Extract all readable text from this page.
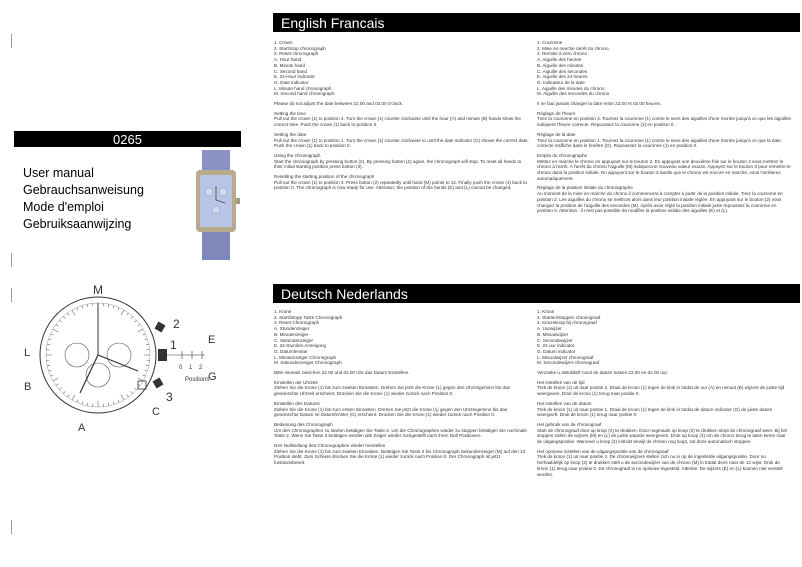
English Francais
0265
User manual
Gebrauchsanweisung
Mode d'emploi
Gebruiksaanwijzing
M
L
B
A
C
E
G
2
1
3
0 1 2
Positions

1. Crown
2. Start/stop chronograph
3. Reset chronograph
A. Hour hand
B. Minute hand
C. Second hand
E. 24-Hour indicator
G. Date indicator
L. Minute hand chronograph
M. Second hand chronograph

Please do not adjust the date between 22.00 and 02.00 o'clock.

Setting the time
Pull out the crown (1) to position 3. Turn the crown (1) counter clockwise until the hour (A) and minute (B) hands show the correct time. Push the crown (1) back to position 0.

Setting the date
Pull out the crown (1) to position 1. Turn the crown (1) counter clockwise to until the date indicator (G) shows the correct date. Push the crown (1) back to position 0.

Using the chronograph
Start the chronograph by pressing button (2). By pressing button (2) again, the chronograph will stop. To reset all hands to their initial starting position press button (3).

Resetting the starting position of the chronograph
Pull out the crown (1) to position 3. Press button (2) repeatedly until hand (M) points to 12. Finally push the crown (1) back to position 0. The chronograph is now ready for use. Attention: the position of the hands (E) and (L) cannot be changed.

1. Couronne
2. Mise en marche /arrêt du chrono.
3. Remise à zéro chrono
A. Aiguille des heures
B. Aiguille des minutes
C. Aiguille des secondes
E. Aiguille des 24 heures
G. Indicateur de la date
L. Aiguille des minutes du chrono
M. Aiguille des secondes du chrono

Il ne faut jamais changer la date entre 22.00 et 02.00 heures.

Réglage de l'heure
Tirez la couronne en position 3. Tournez la couronne (1) contre le sens des aiguilles d'une montre jusqu'à ce que les aiguilles indiquent l'heure correcte. Repoussez la couronne (1) en position 0.

Réglage de la date
Tirez la couronne en position 1. Tournez la couronne (1) contre le sens des aiguilles d'une montre jusqu'à ce que la date correcte s'affiche dans le fenêtre (G). Repoussez la couronne (1) en position 0.

Emploi du chronographe
Mettez en marche le chrono en appuyant sur le bouton 2. En appuyant une deuxième fois sur le bouton 2 vous mettrez le chrono à l'arrêt. A l'arrêt du chrono l'aiguille (M) indiquera le nouveau valeur exacte. Appuyez sur le bouton 3 pour remettre le chrono dans la position initiale. En appuyant sur le bouton 3 tandis que le chrono est encore en marche, vous l'arrêterez automatiquement.

Réglage de la position initiale du chronographe
Au moment de la mise en marche du chrono il commencera à compter à partir de la position initiale. Tirez la couronne en position 2. Les aiguilles du chrono se mettront alors dans leur position initiale réglée. En appuyant sur le bouton (2) vous changez la position de l'aiguille des secondes (M). Après avoir réglé la position initiale juste repoussez la couronne en position 0. Attention : il n'est pas possible de modifier la position initiale des aiguilles (E) et (L).

Deutsch Nederlands

1. Krone
2. Start/Stopp Taste Chronograph
3. Reset Chronograph
A. Stundenzeiger
B. Minutenzeiger
C. Sekundenzeiger
E. 24-Stunden Anzeigung
G. Datumfenster
L. Minutenzeiger Chronograph
M. Sekundenzeiger Chronograph

Bitte niemals zwischen 22.00 und 02.00 Uhr das Datum Einstellen.

Einstellen der Uhrzeit
Ziehen Sie die Krone (1) bis zum zweiten Einrasten. Drehen Sie jetzt die Krone (1) gegen den Uhrzeigersinn bis das gewünschte Uhrzeit erscheint. Drücken Sie die Krone (1) wieder zurück nach Position 0.

Einstellen des Datums
Ziehen Sie die Krone (1) bis zum ersten Einrasten. Drehen Sie jetzt die Krone (1) gegen den Uhrzeigersinn bis das gewünschte Datum im Datumfenster (G) erscheint. Drücken Sie die Krone (1) wieder zurück nach Position 0.

Bedienung des Chronograph
Um den Chronographen zu starten betätigen Sie Taste 2. Um die Chronographen wieder zu stoppen betätigen Sie nochmals Taste 2. Wenn Sie Taste 3 betätigen werden alle Zeiger wieder rückgestellt nach ihren Null Positionen.

Den Nullstellung des Chronographen wieder herstellen
Ziehen Sie die Krone (1) bis zum zweiten Einrasten. Betätigen Sie Taste 2 bis Chronograph Sekundenzeiger (M) auf den 12 Position steht. Zum Schluss drücken Sie die Krone (1) wieder zurück nach Position 0. Der Chronograph ist jetzt funktionsbereit.

1. Kroon
2. Starten/stoppen chronograaf
3. Keuzeknop bij chronograaf
A. Uurwijzer
B. Minuutwijzer
C. Secondewijzer
E. 24 uur indicator
G. Datum indicator
L. Minuutwijzer chronograaf
M. Secondewijzer chronograaf

Verzoeke u alstublieft nooit de datum tussen 22.00 en 02.00 uur.

Het instellen van de tijd
Trek de kroon (1) uit naar positie 2. Draai de kroon (1) tegen de klok in totdat de uur (A) en minuut (B) wijzers de juiste tijd weergeven. Druk de kroon (1) terug naar positie 0.

Het instellen van de datum
Trek de kroon (1) uit naar positie 1. Draai de kroon (1) tegen de klok in totdat de datum indicator (G) de juiste datum weergeeft. Druk de kroon (1) terug naar positie 0.

Het gebruik van de chronograaf
Start de chronograaf door op knop (2) te drukken. Door nogmaals op knop (2) te drukken stopt de chronograaf weer. Bij het stoppen zullen de wijzers (M) en (L) de juiste waarde weergeven. Druk op knop (3) om de chrono terug te laten keren naar de uitgangspositie. Wanneer u knop (3) indrukt terwijl de chrono nog loopt, zal deze automatisch stoppen.

Het opnieuw instellen van de uitgangspositie van de chronograaf
Trek de kroon (1) uit naar positie 2. De chronowijzers stellen zich nu in op de ingestelde uitgangspositie. Door nu herhaaldelijk op knop (2) te drukken stelt u de secondewijzer van de chrono (M) in totdat deze naar de 12 wijst. Druk de kroon (1) terug naar positie 0. De chronograaf is nu opnieuw ingesteld. Attentie: De wijzers (E) en (L) kunnen niet verstelt worden.
